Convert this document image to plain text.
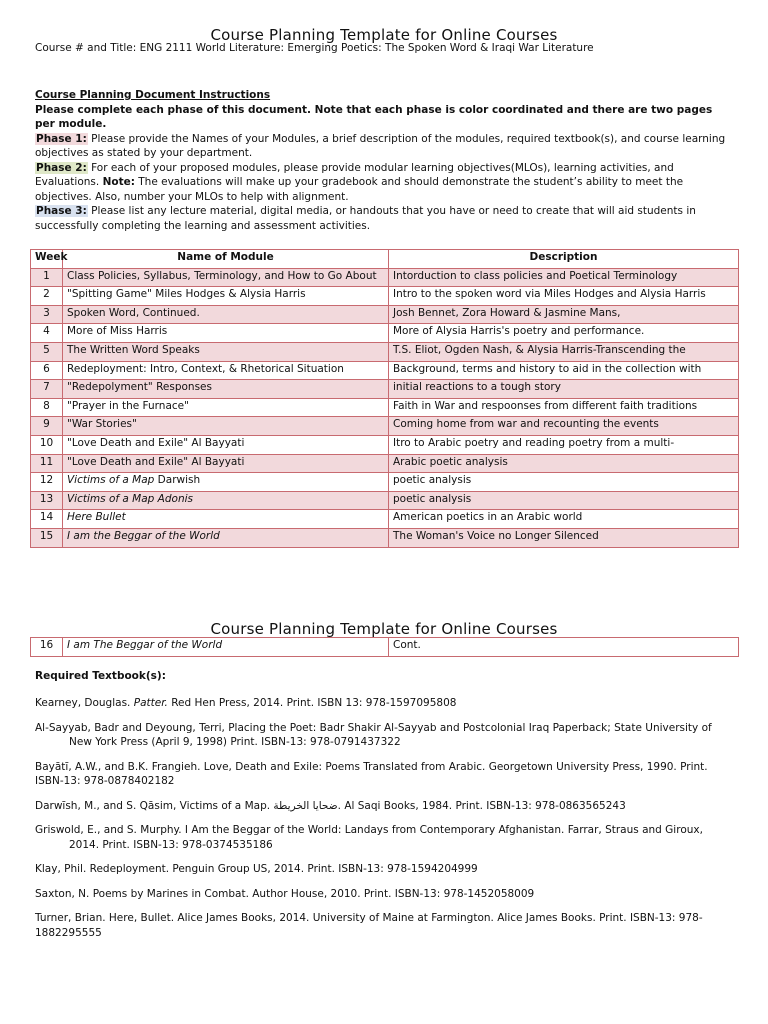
Course Planning Template for Online Courses
Course # and Title: ENG 2111 World Literature: Emerging Poetics: The Spoken Word & Iraqi War Literature
Course Planning Document Instructions
Please complete each phase of this document. Note that each phase is color coordinated and there are two pages per module.
Phase 1: Please provide the Names of your Modules, a brief description of the modules, required textbook(s), and course learning objectives as stated by your department.
Phase 2: For each of your proposed modules, please provide modular learning objectives(MLOs), learning activities, and Evaluations. Note: The evaluations will make up your gradebook and should demonstrate the student’s ability to meet the objectives. Also, number your MLOs to help with alignment.
Phase 3: Please list any lecture material, digital media, or handouts that you have or need to create that will aid students in successfully completing the learning and assessment activities.
Week	Name of Module	Description
1	Class Policies, Syllabus, Terminology, and How to Go About	Intorduction to class policies and Poetical Terminology
2	"Spitting Game" Miles Hodges & Alysia Harris	Intro to the spoken word via Miles Hodges and Alysia Harris
3	Spoken Word, Continued.	Josh Bennet, Zora Howard & Jasmine Mans,
4	More of Miss Harris	More of Alysia Harris's poetry and performance.
5	The Written Word Speaks	T.S. Eliot, Ogden Nash, & Alysia Harris-Transcending the
6	Redeployment: Intro, Context, & Rhetorical Situation	Background, terms and history to aid in the collection with
7	"Redepolyment" Responses	initial reactions to a tough story
8	"Prayer in the Furnace"	Faith in War and respoonses from different faith traditions
9	"War Stories"	Coming home from war and recounting the events
10	"Love Death and Exile" Al Bayyati	Itro to Arabic poetry and reading poetry from a multi-
11	"Love Death and Exile" Al Bayyati	Arabic poetic analysis
12	Victims of a Map Darwish	poetic analysis
13	Victims of a Map Adonis	poetic analysis
14	Here Bullet	American poetics in an Arabic world
15	I am the Beggar of the World	The Woman's Voice no Longer Silenced
Course Planning Template for Online Courses
16	I am The Beggar of the World	Cont.
Required Textbook(s):
Kearney, Douglas. Patter. Red Hen Press, 2014. Print. ISBN 13: 978-1597095808
Al-Sayyab, Badr and Deyoung, Terri, Placing the Poet: Badr Shakir Al-Sayyab and Postcolonial Iraq Paperback; State University of
New York Press (April 9, 1998) Print. ISBN-13: 978-0791437322
Bayātī, A.W., and B.K. Frangieh. Love, Death and Exile: Poems Translated from Arabic. Georgetown University Press, 1990. Print.
ISBN-13: 978-0878402182
Darwīsh, M., and S. Qāsim, Victims of a Map. ضحايا الخريطة. Al Saqi Books, 1984. Print. ISBN-13: 978-0863565243
Griswold, E., and S. Murphy. I Am the Beggar of the World: Landays from Contemporary Afghanistan. Farrar, Straus and Giroux,
2014. Print. ISBN-13: 978-0374535186
Klay, Phil. Redeployment. Penguin Group US, 2014. Print. ISBN-13: 978-1594204999
Saxton, N. Poems by Marines in Combat. Author House, 2010. Print. ISBN-13: 978-1452058009
Turner, Brian. Here, Bullet. Alice James Books, 2014. University of Maine at Farmington. Alice James Books. Print. ISBN-13: 978-
1882295555
